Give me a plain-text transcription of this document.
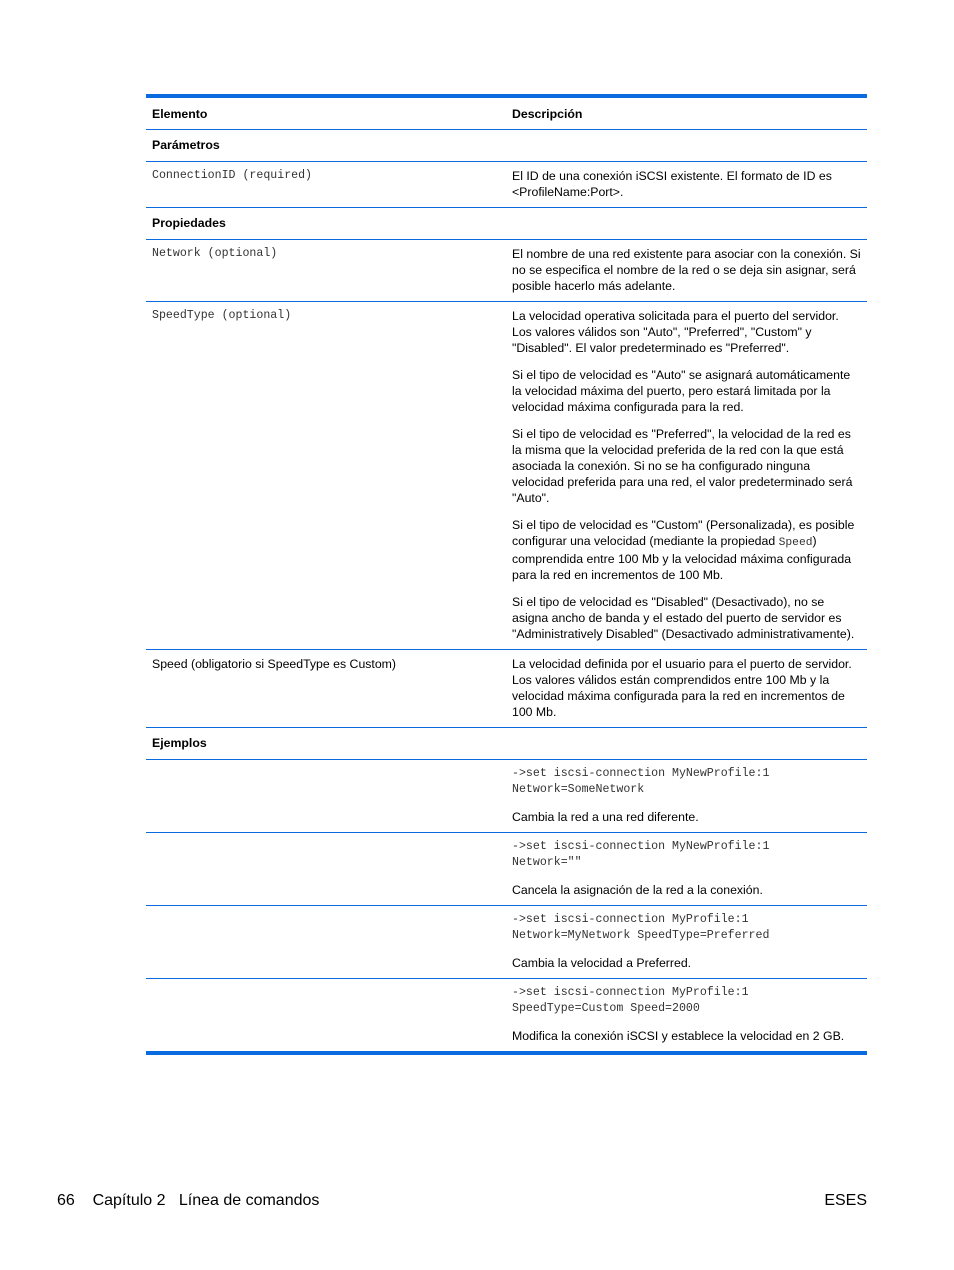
Elemento	Descripción
Parámetros	
ConnectionID (required)	El ID de una conexión iSCSI existente. El formato de ID es <ProfileName:Port>.
Propiedades	
Network (optional)	El nombre de una red existente para asociar con la conexión. Si no se especifica el nombre de la red o se deja sin asignar, será posible hacerlo más adelante.
SpeedType (optional)	La velocidad operativa solicitada para el puerto del servidor. Los valores válidos son "Auto", "Preferred", "Custom" y "Disabled". El valor predeterminado es "Preferred".

Si el tipo de velocidad es "Auto" se asignará automáticamente la velocidad máxima del puerto, pero estará limitada por la velocidad máxima configurada para la red.

Si el tipo de velocidad es "Preferred", la velocidad de la red es la misma que la velocidad preferida de la red con la que está asociada la conexión. Si no se ha configurado ninguna velocidad preferida para una red, el valor predeterminado será "Auto".

Si el tipo de velocidad es "Custom" (Personalizada), es posible configurar una velocidad (mediante la propiedad Speed) comprendida entre 100 Mb y la velocidad máxima configurada para la red en incrementos de 100 Mb.

Si el tipo de velocidad es "Disabled" (Desactivado), no se asigna ancho de banda y el estado del puerto de servidor es "Administratively Disabled" (Desactivado administrativamente).

Speed (obligatorio si SpeedType es Custom)	La velocidad definida por el usuario para el puerto de servidor. Los valores válidos están comprendidos entre 100 Mb y la velocidad máxima configurada para la red en incrementos de 100 Mb.
Ejemplos	

	->set iscsi-connection MyNewProfile:1
Network=SomeNetwork
Cambia la red a una red diferente.

	->set iscsi-connection MyNewProfile:1
Network=""
Cancela la asignación de la red a la conexión.

	->set iscsi-connection MyProfile:1
Network=MyNetwork SpeedType=Preferred
Cambia la velocidad a Preferred.

	->set iscsi-connection MyProfile:1
SpeedType=Custom Speed=2000
Modifica la conexión iSCSI y establece la velocidad en 2 GB.
66 Capítulo 2   Línea de comandos	ESES
